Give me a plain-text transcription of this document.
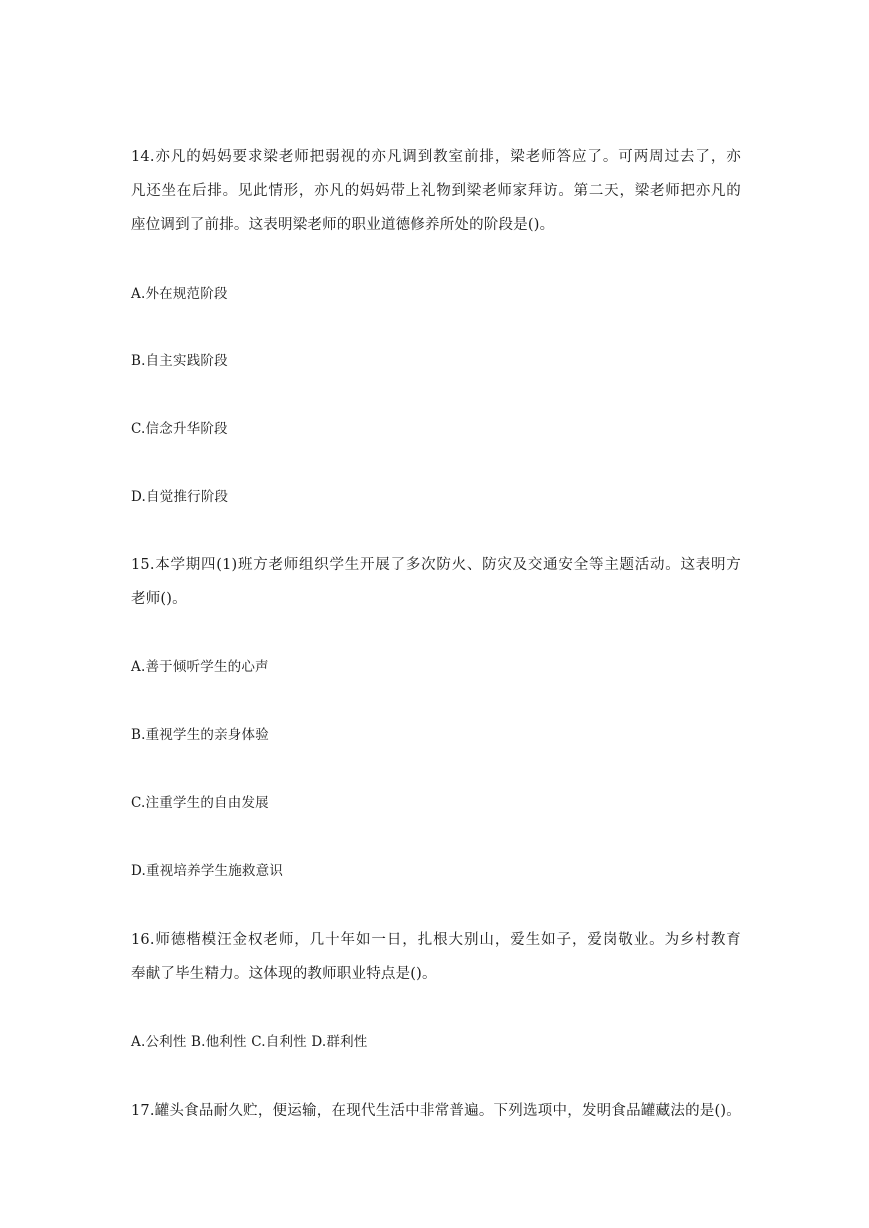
14.亦凡的妈妈要求梁老师把弱视的亦凡调到教室前排，梁老师答应了。可两周过去了，亦
凡还坐在后排。见此情形，亦凡的妈妈带上礼物到梁老师家拜访。第二天，梁老师把亦凡的
座位调到了前排。这表明梁老师的职业道德修养所处的阶段是()。
A.外在规范阶段
B.自主实践阶段
C.信念升华阶段
D.自觉推行阶段
15.本学期四(1)班方老师组织学生开展了多次防火、防灾及交通安全等主题活动。这表明方
老师()。
A.善于倾听学生的心声
B.重视学生的亲身体验
C.注重学生的自由发展
D.重视培养学生施救意识
16.师德楷模汪金权老师，几十年如一日，扎根大别山，爱生如子，爱岗敬业。为乡村教育
奉献了毕生精力。这体现的教师职业特点是()。
A.公利性 B.他利性 C.自利性 D.群利性
17.罐头食品耐久贮，便运输，在现代生活中非常普遍。下列选项中，发明食品罐藏法的是()。
